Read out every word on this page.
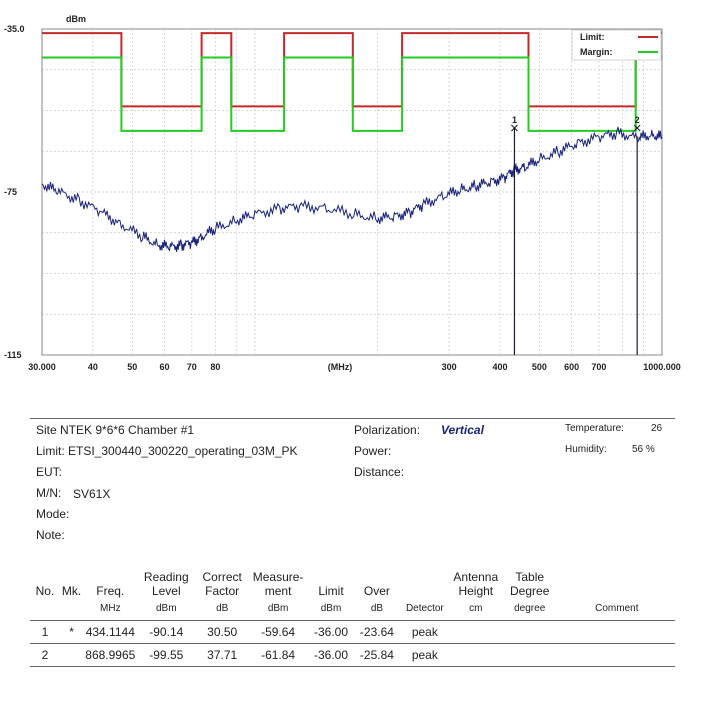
1	2
-35.0
-75
-115
30.000	40	50 60 70 80	300	400	500 600 700	1000.000
dBm
(MHz)
Limit:
Margin:
Site NTEK 9*6*6 Chamber #1
Limit: ETSI_300440_300220_operating_03M_PK
EUT:
M/N: SV61X
Mode:
Note:
Polarization: Vertical
Power:
Distance:
Temperature:	26
Humidity:	56 %
No.	Mk.	Freq.	Reading Level	Correct Factor	Measure-ment	Limit	Over		Antenna Height	Table Degree	
		MHz	dBm	dB	dBm	dBm	dB	Detector	cm	degree	Comment
1	*	434.1144	-90.14	30.50	-59.64	-36.00	-23.64	peak			
2		868.9965	-99.55	37.71	-61.84	-36.00	-25.84	peak			
